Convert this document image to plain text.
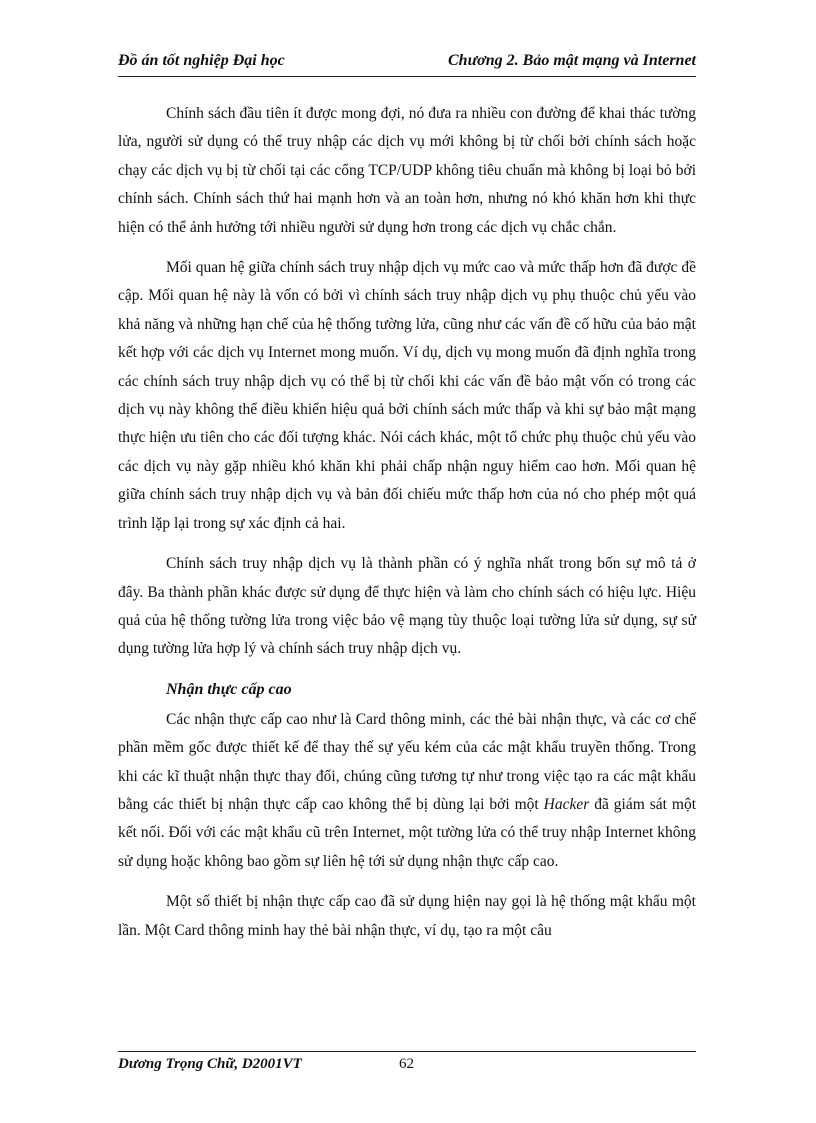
Đồ án tốt nghiệp Đại học	Chương 2. Bảo mật mạng và Internet

Chính sách đầu tiên ít được mong đợi, nó đưa ra nhiều con đường để khai thác tường lửa, người sử dụng có thể truy nhập các dịch vụ mới không bị từ chối bởi chính sách hoặc chạy các dịch vụ bị từ chối tại các cổng TCP/UDP không tiêu chuẩn mà không bị loại bỏ bởi chính sách. Chính sách thứ hai mạnh hơn và an toàn hơn, nhưng nó khó khăn hơn khi thực hiện có thể ảnh hưởng tới nhiều người sử dụng hơn trong các dịch vụ chắc chắn.

Mối quan hệ giữa chính sách truy nhập dịch vụ mức cao và mức thấp hơn đã được đề cập. Mối quan hệ này là vốn có bởi vì chính sách truy nhập dịch vụ phụ thuộc chủ yếu vào khả năng và những hạn chế của hệ thống tường lửa, cũng như các vấn đề cố hữu của bảo mật kết hợp với các dịch vụ Internet mong muốn. Ví dụ, dịch vụ mong muốn đã định nghĩa trong các chính sách truy nhập dịch vụ có thể bị từ chối khi các vấn đề bảo mật vốn có trong các dịch vụ này không thể điều khiển hiệu quả bởi chính sách mức thấp và khi sự bảo mật mạng thực hiện ưu tiên cho các đối tượng khác. Nói cách khác, một tổ chức phụ thuộc chủ yếu vào các dịch vụ này gặp nhiều khó khăn khi phải chấp nhận nguy hiểm cao hơn. Mối quan hệ giữa chính sách truy nhập dịch vụ và bản đối chiếu mức thấp hơn của nó cho phép một quá trình lặp lại trong sự xác định cả hai.

Chính sách truy nhập dịch vụ là thành phần có ý nghĩa nhất trong bốn sự mô tả ở đây. Ba thành phần khác được sử dụng để thực hiện và làm cho chính sách có hiệu lực. Hiệu quả của hệ thống tường lửa trong việc bảo vệ mạng tùy thuộc loại tường lửa sử dụng, sự sử dụng tường lửa hợp lý và chính sách truy nhập dịch vụ.

Nhận thực cấp cao

Các nhận thực cấp cao như là Card thông minh, các thẻ bài nhận thực, và các cơ chế phần mềm gốc được thiết kế để thay thế sự yếu kém của các mật khẩu truyền thống. Trong khi các kĩ thuật nhận thực thay đổi, chúng cũng tương tự như trong việc tạo ra các mật khẩu bằng các thiết bị nhận thực cấp cao không thể bị dùng lại bởi một Hacker đã giám sát một kết nối. Đối với các mật khẩu cũ trên Internet, một tường lửa có thể truy nhập Internet không sử dụng hoặc không bao gồm sự liên hệ tới sử dụng nhận thực cấp cao.

Một số thiết bị nhận thực cấp cao đã sử dụng hiện nay gọi là hệ thống mật khẩu một lần. Một Card thông minh hay thẻ bài nhận thực, ví dụ, tạo ra một câu

Dương Trọng Chữ, D2001VT	62
